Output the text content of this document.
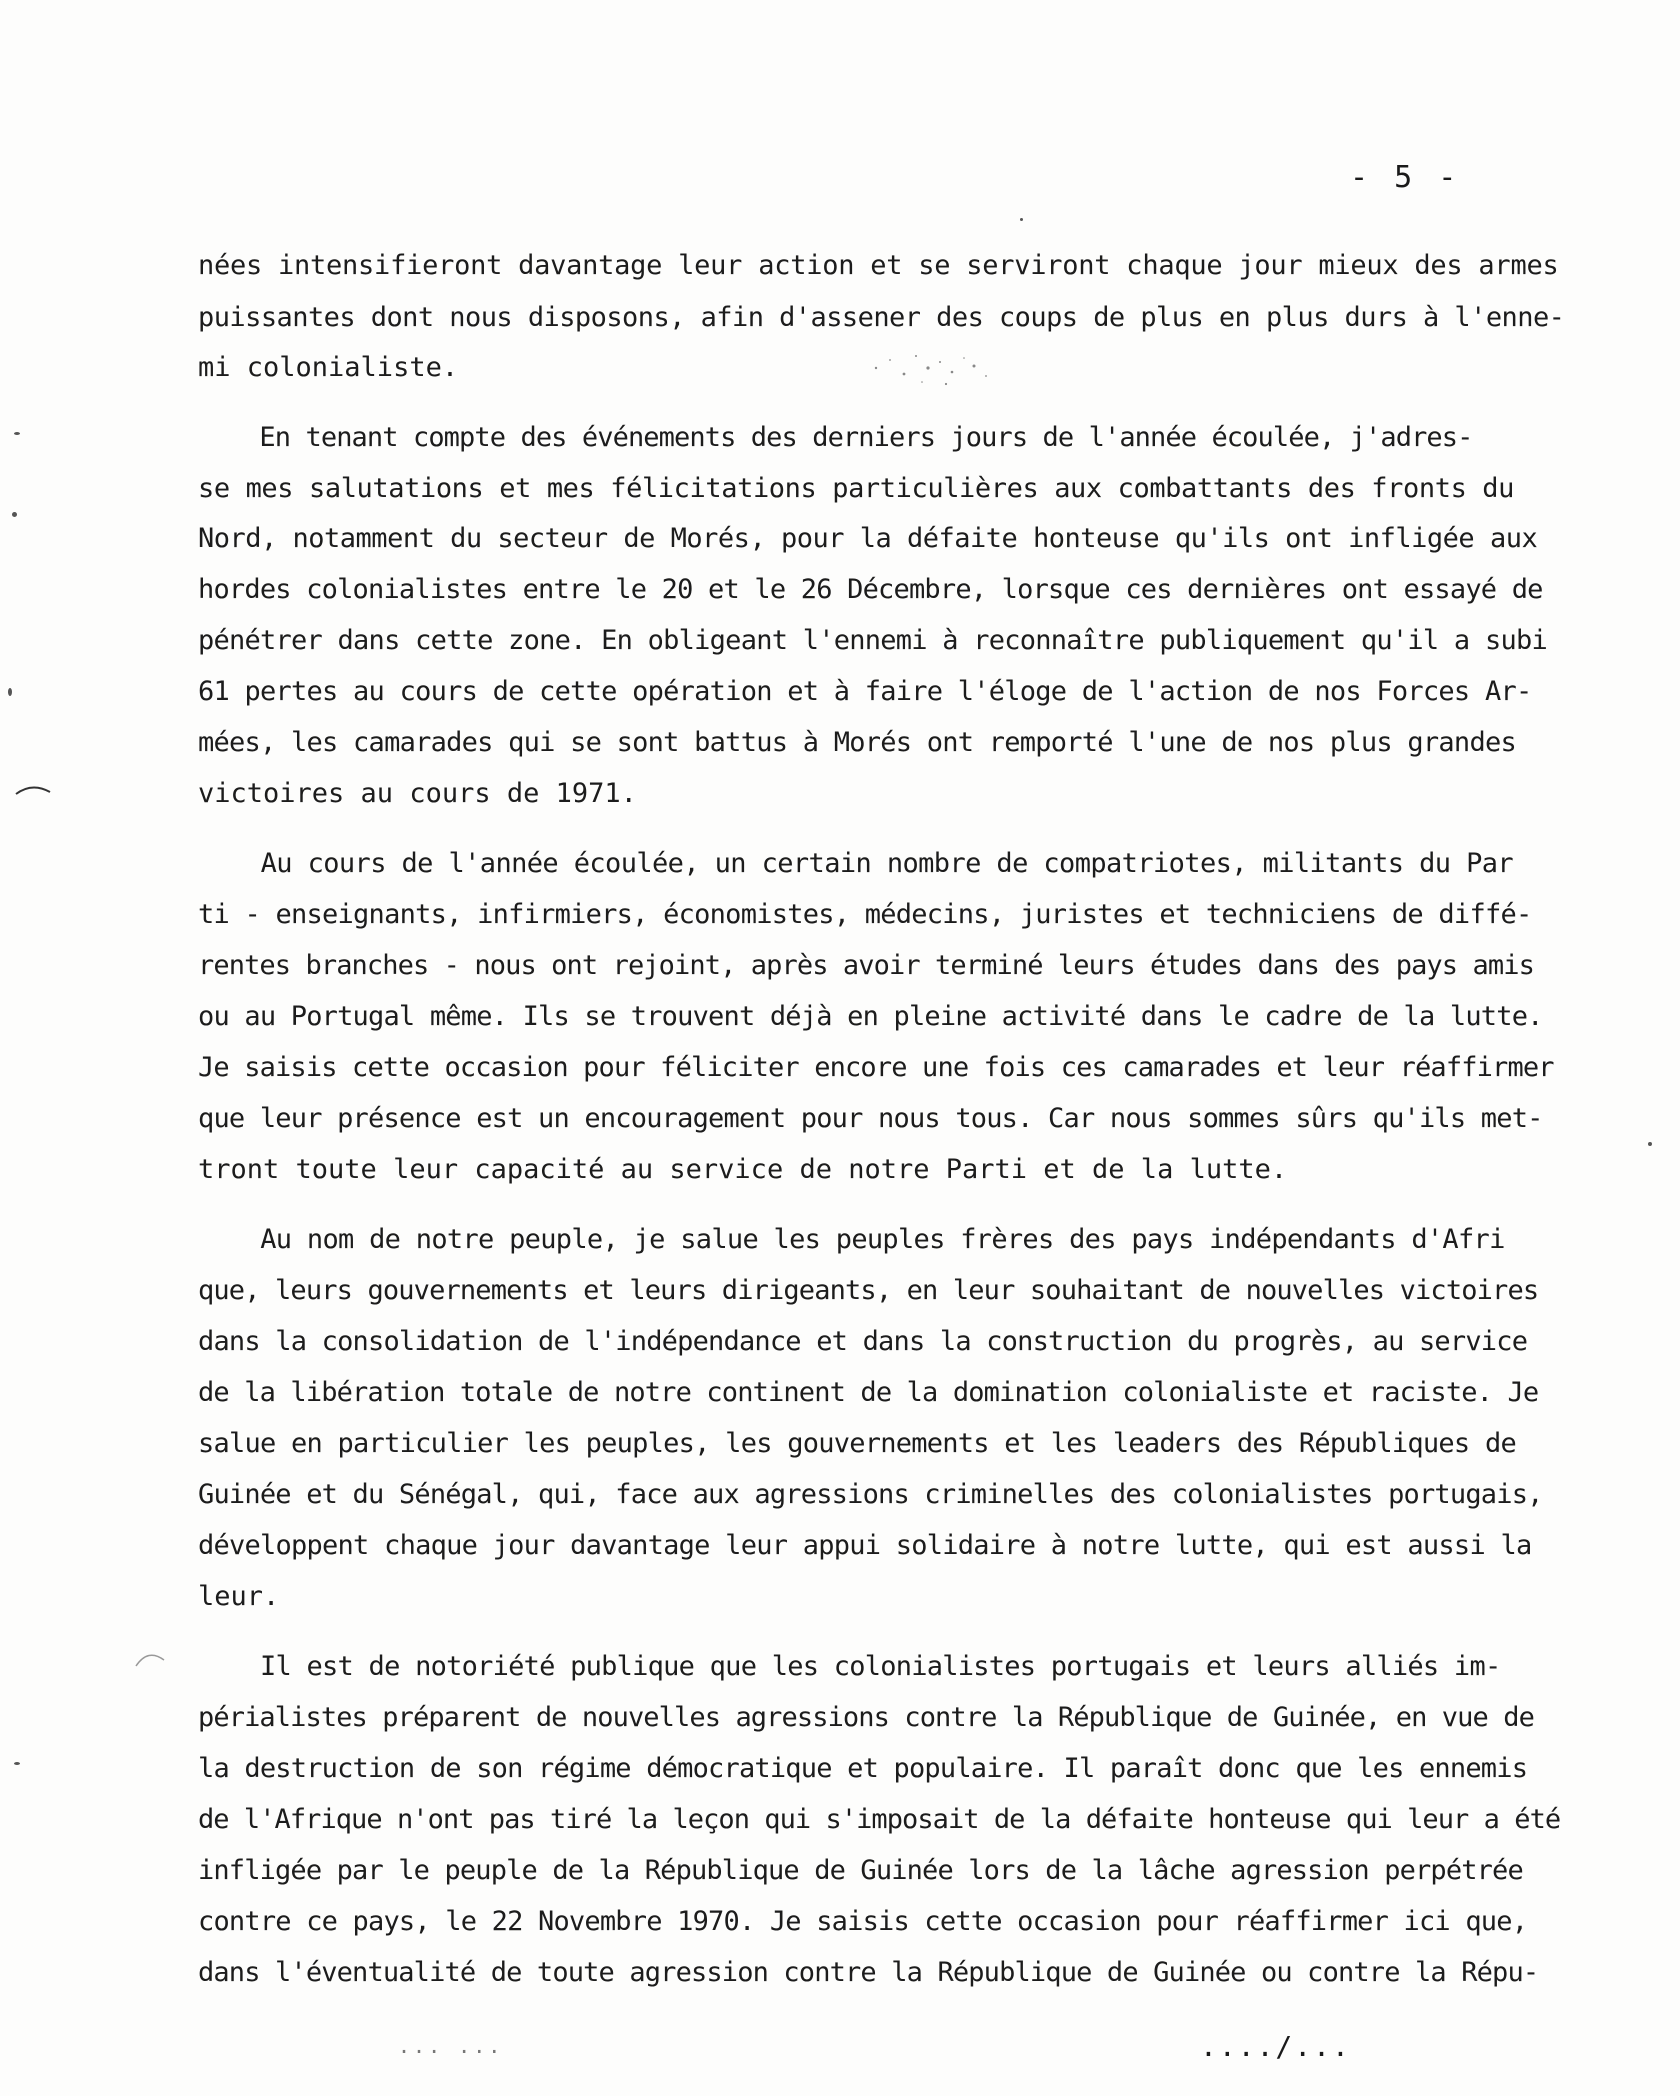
- 5 -
nées intensifieront davantage leur action et se serviront chaque jour mieux des armes
puissantes dont nous disposons, afin d'assener des coups de plus en plus durs à l'enne-
mi colonialiste.
En tenant compte des événements des derniers jours de l'année écoulée, j'adres-
se mes salutations et mes félicitations particulières aux combattants des fronts du
Nord, notamment du secteur de Morés, pour la défaite honteuse qu'ils ont infligée aux
hordes colonialistes entre le 20 et le 26 Décembre, lorsque ces dernières ont essayé de
pénétrer dans cette zone. En obligeant l'ennemi à reconnaître publiquement qu'il a subi
61 pertes au cours de cette opération et à faire l'éloge de l'action de nos Forces Ar-
mées, les camarades qui se sont battus à Morés ont remporté l'une de nos plus grandes
victoires au cours de 1971.
Au cours de l'année écoulée, un certain nombre de compatriotes, militants du Par
ti - enseignants, infirmiers, économistes, médecins, juristes et techniciens de diffé-
rentes branches - nous ont rejoint, après avoir terminé leurs études dans des pays amis
ou au Portugal même. Ils se trouvent déjà en pleine activité dans le cadre de la lutte.
Je saisis cette occasion pour féliciter encore une fois ces camarades et leur réaffirmer
que leur présence est un encouragement pour nous tous. Car nous sommes sûrs qu'ils met-
tront toute leur capacité au service de notre Parti et de la lutte.
Au nom de notre peuple, je salue les peuples frères des pays indépendants d'Afri
que, leurs gouvernements et leurs dirigeants, en leur souhaitant de nouvelles victoires
dans la consolidation de l'indépendance et dans la construction du progrès, au service
de la libération totale de notre continent de la domination colonialiste et raciste. Je
salue en particulier les peuples, les gouvernements et les leaders des Républiques de
Guinée et du Sénégal, qui, face aux agressions criminelles des colonialistes portugais,
développent chaque jour davantage leur appui solidaire à notre lutte, qui est aussi la
leur.
Il est de notoriété publique que les colonialistes portugais et leurs alliés im-
périalistes préparent de nouvelles agressions contre la République de Guinée, en vue de
la destruction de son régime démocratique et populaire. Il paraît donc que les ennemis
de l'Afrique n'ont pas tiré la leçon qui s'imposait de la défaite honteuse qui leur a été
infligée par le peuple de la République de Guinée lors de la lâche agression perpétrée
contre ce pays, le 22 Novembre 1970. Je saisis cette occasion pour réaffirmer ici que,
dans l'éventualité de toute agression contre la République de Guinée ou contre la Répu-
... ...	..../...
